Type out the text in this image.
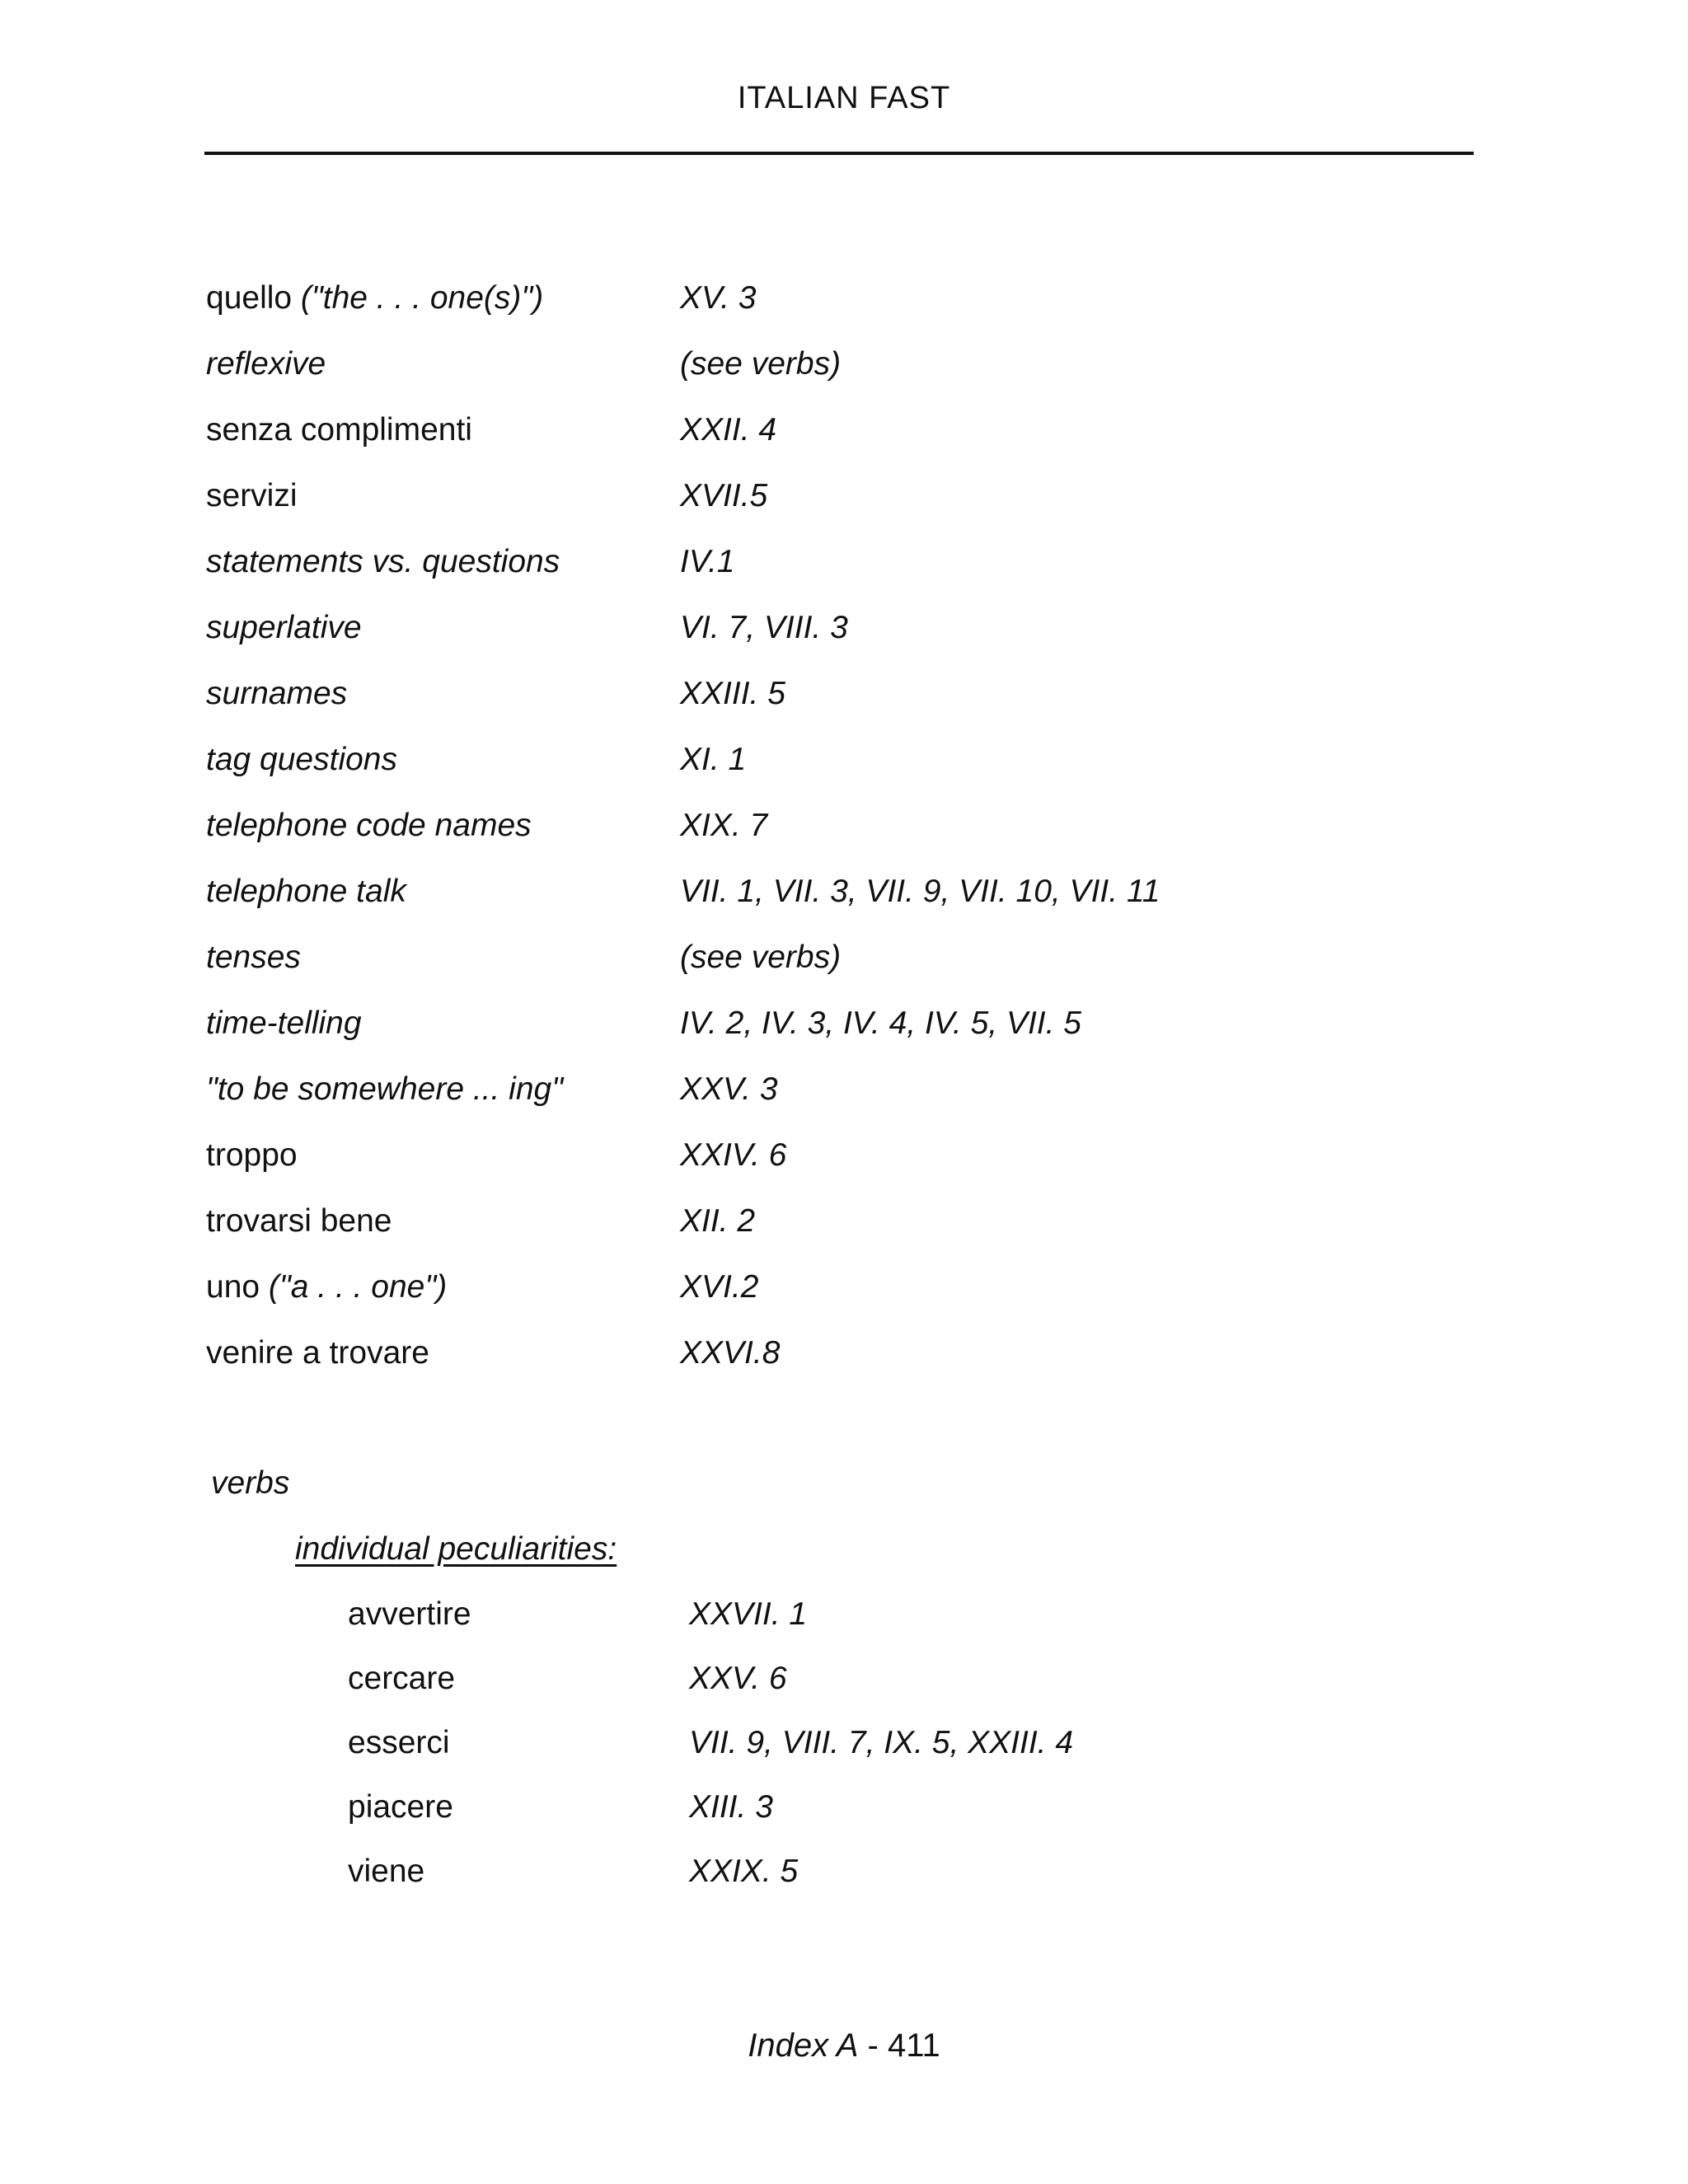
ITALIAN FAST
quello ("the . . . one(s)")	XV. 3
reflexive	(see verbs)
senza complimenti	XXII. 4
servizi	XVII.5
statements vs. questions	IV.1
superlative	VI. 7, VIII. 3
surnames	XXIII. 5
tag questions	XI. 1
telephone code names	XIX. 7
telephone talk	VII. 1, VII. 3, VII. 9, VII. 10, VII. 11
tenses	(see verbs)
time-telling	IV. 2, IV. 3, IV. 4, IV. 5, VII. 5
"to be somewhere ... ing"	XXV. 3
troppo	XXIV. 6
trovarsi bene	XII. 2
uno ("a . . . one")	XVI.2
venire a trovare	XXVI.8
verbs
individual peculiarities:
avvertire	XXVII. 1
cercare	XXV. 6
esserci	VII. 9, VIII. 7, IX. 5, XXIII. 4
piacere	XIII. 3
viene	XXIX. 5
Index A - 411
